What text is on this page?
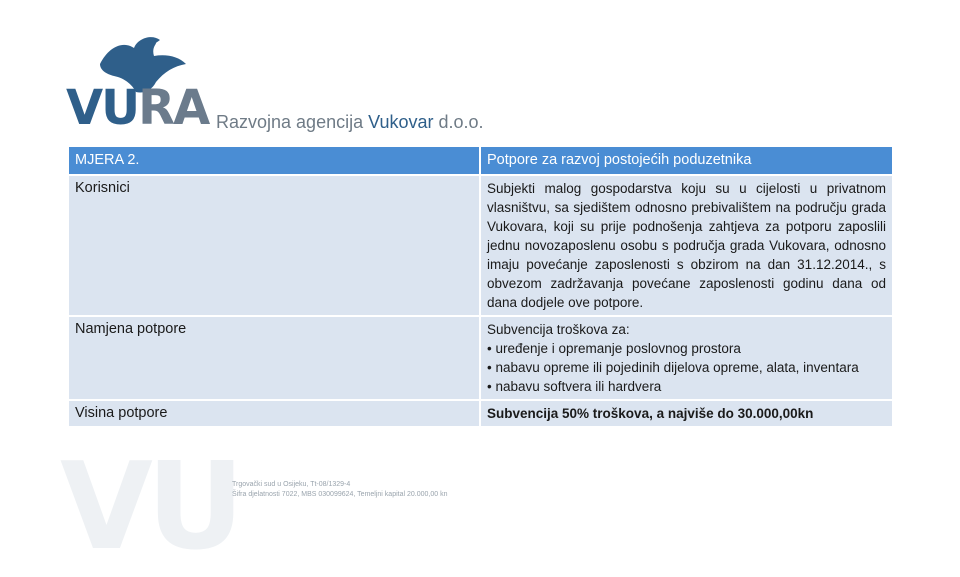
VURA Razvojna agencija Vukovar d.o.o.
MJERA 2.	Potpore za razvoj postojećih poduzetnika
Korisnici	Subjekti malog gospodarstva koju su u cijelosti u privatnom vlasništvu, sa sjedištem odnosno prebivalištem na području grada Vukovara, koji su prije podnošenja zahtjeva za potporu zaposlili jednu novozaposlenu osobu s područja grada Vukovara, odnosno imaju povećanje zaposlenosti s obzirom na dan 31.12.2014., s obvezom zadržavanja povećane zaposlenosti godinu dana od dana dodjele ove potpore.
Namjena potpore	Subvencija troškova za:
• uređenje i opremanje poslovnog prostora
• nabavu opreme ili pojedinih dijelova opreme, alata, inventara
• nabavu softvera ili hardvera

Visina potpore	Subvencija 50% troškova, a najviše do 30.000,00kn
VU
Trgovački sud u Osijeku, Tt-08/1329-4
Šifra djelatnosti 7022, MBS 030099624, Temeljni kapital 20.000,00 kn
